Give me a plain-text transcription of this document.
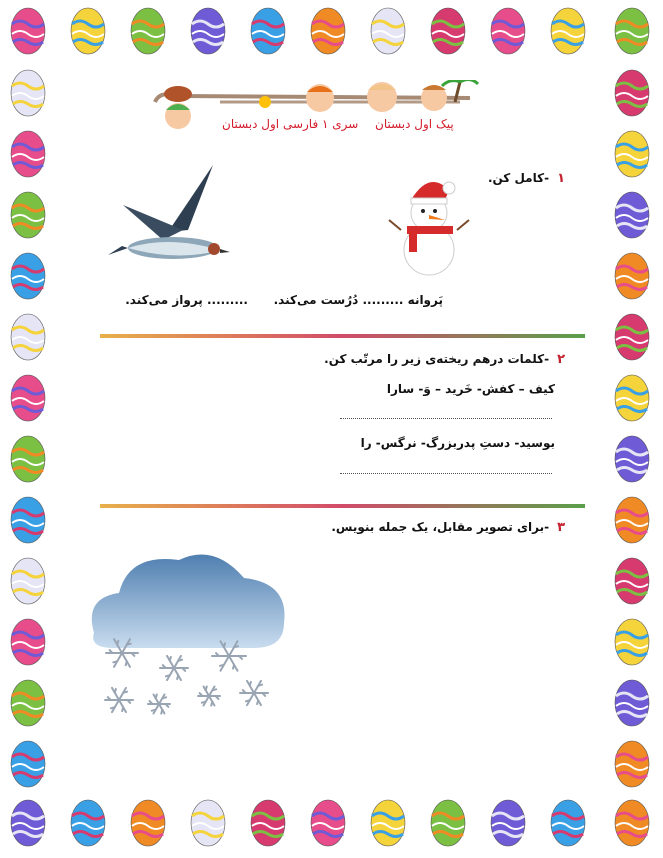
سری ۱ فارسی اول دبستان پیک اول دبستان
۱-کامل کن.
پَروانه ......... دُرُست می‌کند.
......... پرواز می‌کند.
۲-کلمات درهم ریخته‌ی زیر را مرتّب کن.
کیف – کفش- خَرید – وَ- سارا
بوسید- دستِ پدربزرگ- نرگس- را
۳-برای تصویر مقابل، یک جمله بنویس.
